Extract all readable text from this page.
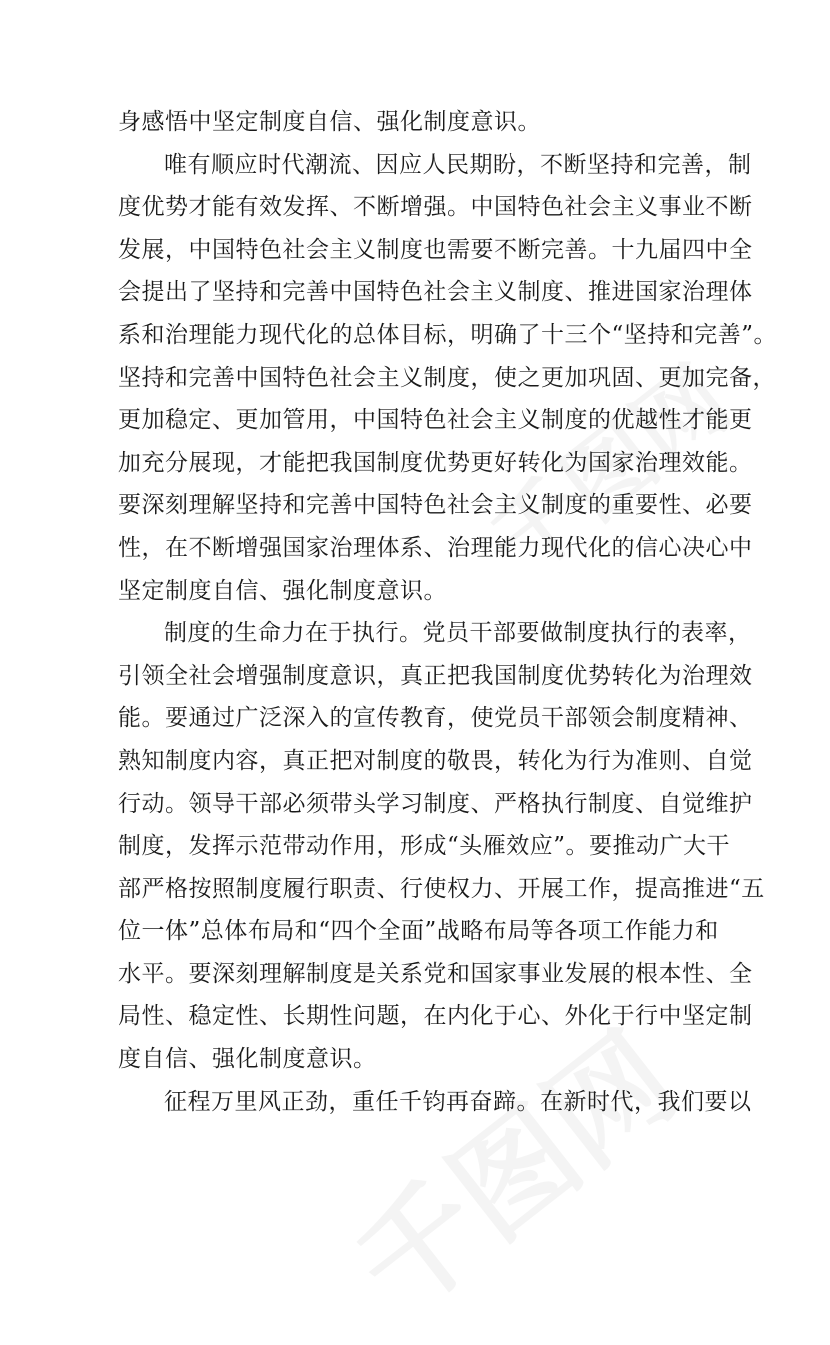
身感悟中坚定制度自信、强化制度意识。
唯有顺应时代潮流、因应人民期盼，不断坚持和完善，制
度优势才能有效发挥、不断增强。中国特色社会主义事业不断
发展，中国特色社会主义制度也需要不断完善。十九届四中全
会提出了坚持和完善中国特色社会主义制度、推进国家治理体
系和治理能力现代化的总体目标，明确了十三个“坚持和完善”。
坚持和完善中国特色社会主义制度，使之更加巩固、更加完备，
更加稳定、更加管用，中国特色社会主义制度的优越性才能更
加充分展现，才能把我国制度优势更好转化为国家治理效能。
要深刻理解坚持和完善中国特色社会主义制度的重要性、必要
性，在不断增强国家治理体系、治理能力现代化的信心决心中
坚定制度自信、强化制度意识。
制度的生命力在于执行。党员干部要做制度执行的表率，
引领全社会增强制度意识，真正把我国制度优势转化为治理效
能。要通过广泛深入的宣传教育，使党员干部领会制度精神、
熟知制度内容，真正把对制度的敬畏，转化为行为准则、自觉
行动。领导干部必须带头学习制度、严格执行制度、自觉维护
制度，发挥示范带动作用，形成“头雁效应”。要推动广大干
部严格按照制度履行职责、行使权力、开展工作，提高推进“五
位一体”总体布局和“四个全面”战略布局等各项工作能力和
水平。要深刻理解制度是关系党和国家事业发展的根本性、全
局性、稳定性、长期性问题，在内化于心、外化于行中坚定制
度自信、强化制度意识。
征程万里风正劲，重任千钧再奋蹄。在新时代，我们要以
